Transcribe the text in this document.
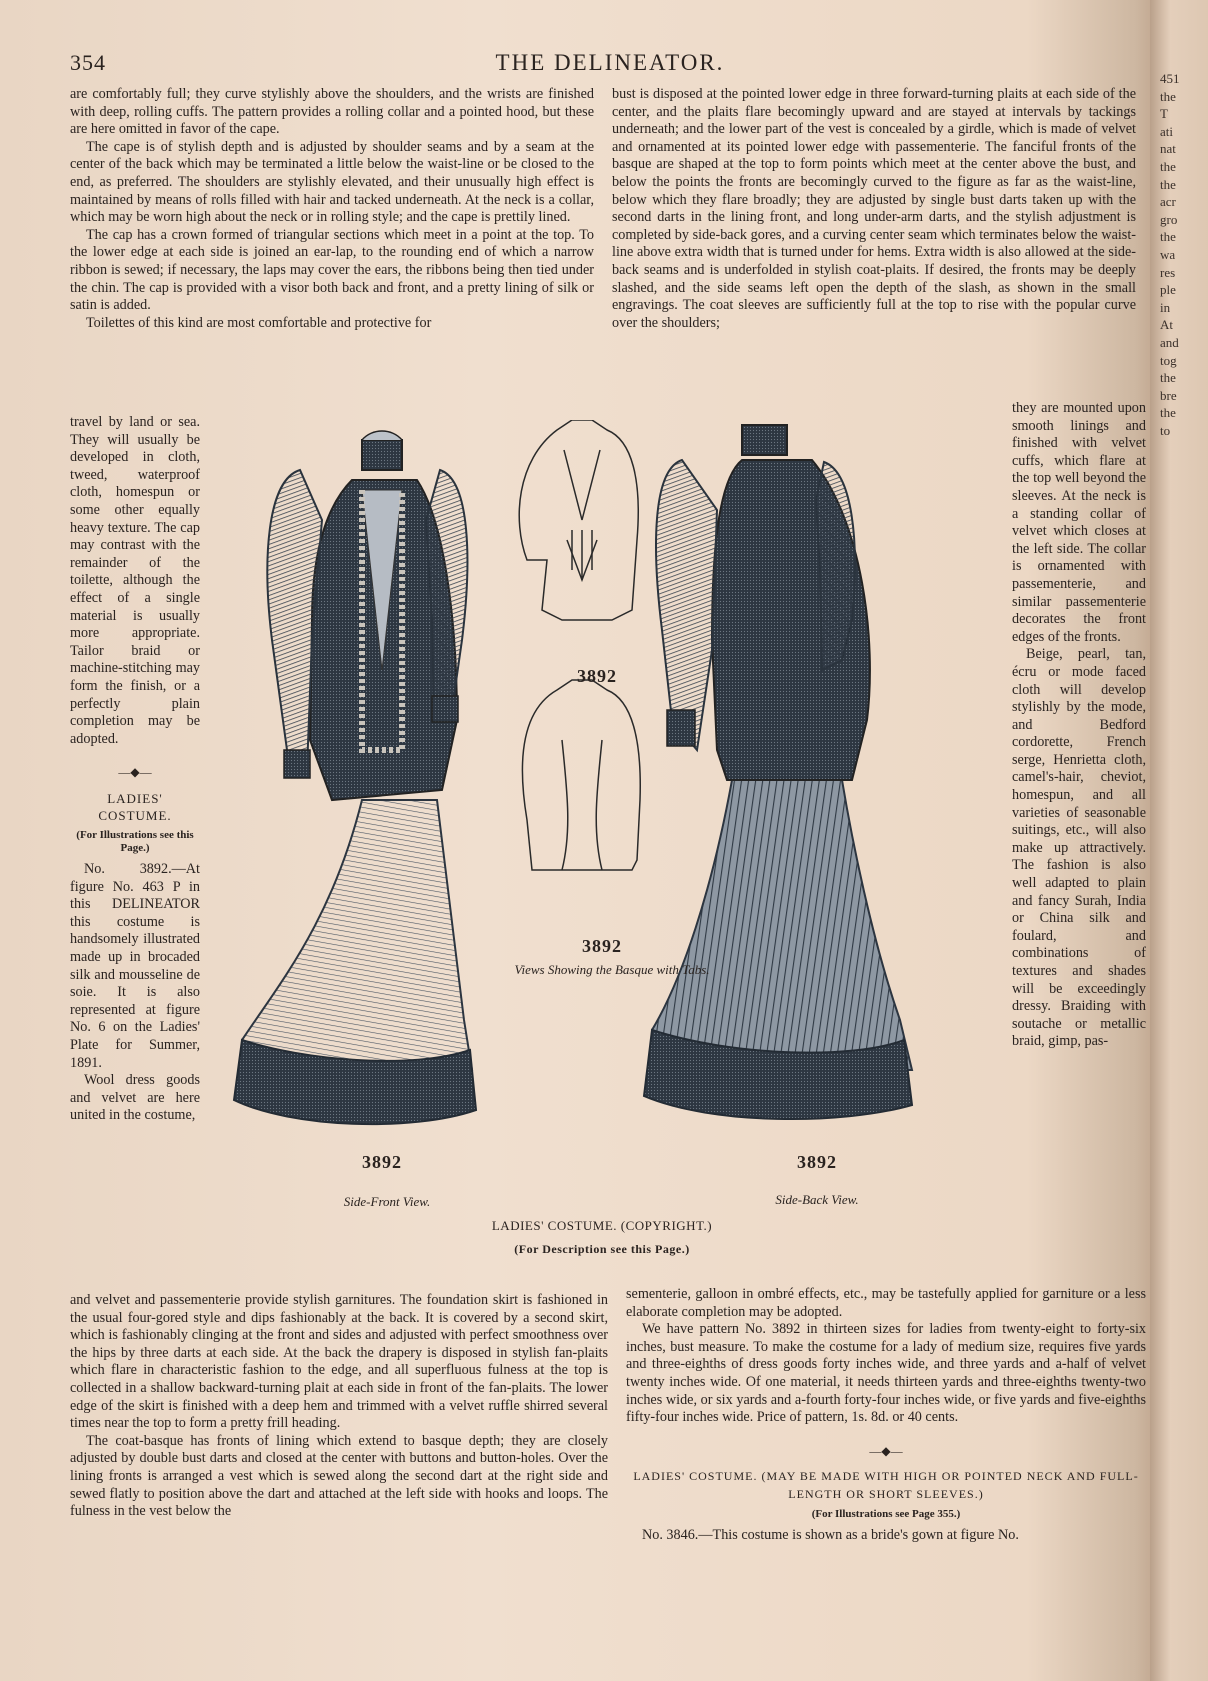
451
the
T
ati
nat
the
the
acr
gro
the
wa
res
ple
in
At
and
tog
the
bre
the
to
354	THE DELINEATOR.

are comfortably full; they curve stylishly above the shoulders, and the wrists are finished with deep, rolling cuffs. The pattern provides a rolling collar and a pointed hood, but these are here omitted in favor of the cape.

The cape is of stylish depth and is adjusted by shoulder seams and by a seam at the center of the back which may be terminated a little below the waist-line or be closed to the end, as preferred. The shoulders are stylishly elevated, and their unusually high effect is maintained by means of rolls filled with hair and tacked underneath. At the neck is a collar, which may be worn high about the neck or in rolling style; and the cape is prettily lined.

The cap has a crown formed of triangular sections which meet in a point at the top. To the lower edge at each side is joined an ear-lap, to the rounding end of which a narrow ribbon is sewed; if necessary, the laps may cover the ears, the ribbons being then tied under the chin. The cap is provided with a visor both back and front, and a pretty lining of silk or satin is added.

Toilettes of this kind are most comfortable and protective for

bust is disposed at the pointed lower edge in three forward-turning plaits at each side of the center, and the plaits flare becomingly upward and are stayed at intervals by tackings underneath; and the lower part of the vest is concealed by a girdle, which is made of velvet and ornamented at its pointed lower edge with passementerie. The fanciful fronts of the basque are shaped at the top to form points which meet at the center above the bust, and below the points the fronts are becomingly curved to the figure as far as the waist-line, below which they flare broadly; they are adjusted by single bust darts taken up with the second darts in the lining front, and long under-arm darts, and the stylish adjustment is completed by side-back gores, and a curving center seam which terminates below the waist-line above extra width that is turned under for hems. Extra width is also allowed at the side-back seams and is underfolded in stylish coat-plaits. If desired, the fronts may be deeply slashed, and the side seams left open the depth of the slash, as shown in the small engravings. The coat sleeves are sufficiently full at the top to rise with the popular curve over the shoulders;

travel by land or sea. They will usually be developed in cloth, tweed, waterproof cloth, homespun or some other equally heavy texture. The cap may contrast with the remainder of the toilette, although the effect of a single material is usually more appropriate. Tailor braid or machine-stitching may form the finish, or a perfectly plain completion may be adopted.

—◆—
LADIES' COSTUME.
(For Illustrations see this Page.)

No. 3892.—At figure No. 463 P in this DELINEATOR this costume is handsomely illustrated made up in brocaded silk and mousseline de soie. It is also represented at figure No. 6 on the Ladies' Plate for Summer, 1891.

Wool dress goods and velvet are here united in the costume,

they are mounted upon smooth linings and finished with velvet cuffs, which flare at the top well beyond the sleeves. At the neck is a standing collar of velvet which closes at the left side. The collar is ornamented with passementerie, and similar passementerie decorates the front edges of the fronts.

Beige, pearl, tan, écru or mode faced cloth will develop stylishly by the mode, and Bedford cordorette, French serge, Henrietta cloth, camel's-hair, cheviot, homespun, and all varieties of seasonable suitings, etc., will also make up attractively. The fashion is also well adapted to plain and fancy Surah, India or China silk and foulard, and combinations of textures and shades will be exceedingly dressy. Braiding with soutache or metallic braid, gimp, pas-

3892	3892
3892
3892
Views Showing the Basque with Tabs.
Side-Front View.	Side-Back View.
LADIES' COSTUME. (COPYRIGHT.)
(For Description see this Page.)

and velvet and passementerie provide stylish garnitures. The foundation skirt is fashioned in the usual four-gored style and dips fashionably at the back. It is covered by a second skirt, which is fashionably clinging at the front and sides and adjusted with perfect smoothness over the hips by three darts at each side. At the back the drapery is disposed in stylish fan-plaits which flare in characteristic fashion to the edge, and all superfluous fulness at the top is collected in a shallow backward-turning plait at each side in front of the fan-plaits. The lower edge of the skirt is finished with a deep hem and trimmed with a velvet ruffle shirred several times near the top to form a pretty frill heading.

The coat-basque has fronts of lining which extend to basque depth; they are closely adjusted by double bust darts and closed at the center with buttons and button-holes. Over the lining fronts is arranged a vest which is sewed along the second dart at the right side and sewed flatly to position above the dart and attached at the left side with hooks and loops. The fulness in the vest below the

sementerie, galloon in ombré effects, etc., may be tastefully applied for garniture or a less elaborate completion may be adopted.

We have pattern No. 3892 in thirteen sizes for ladies from twenty-eight to forty-six inches, bust measure. To make the costume for a lady of medium size, requires five yards and three-eighths of dress goods forty inches wide, and three yards and a-half of velvet twenty inches wide. Of one material, it needs thirteen yards and three-eighths twenty-two inches wide, or six yards and a-fourth forty-four inches wide, or five yards and five-eighths fifty-four inches wide. Price of pattern, 1s. 8d. or 40 cents.

—◆—
LADIES' COSTUME. (MAY BE MADE WITH HIGH OR POINTED NECK AND FULL-LENGTH OR SHORT SLEEVES.)
(For Illustrations see Page 355.)

No. 3846.—This costume is shown as a bride's gown at figure No.
